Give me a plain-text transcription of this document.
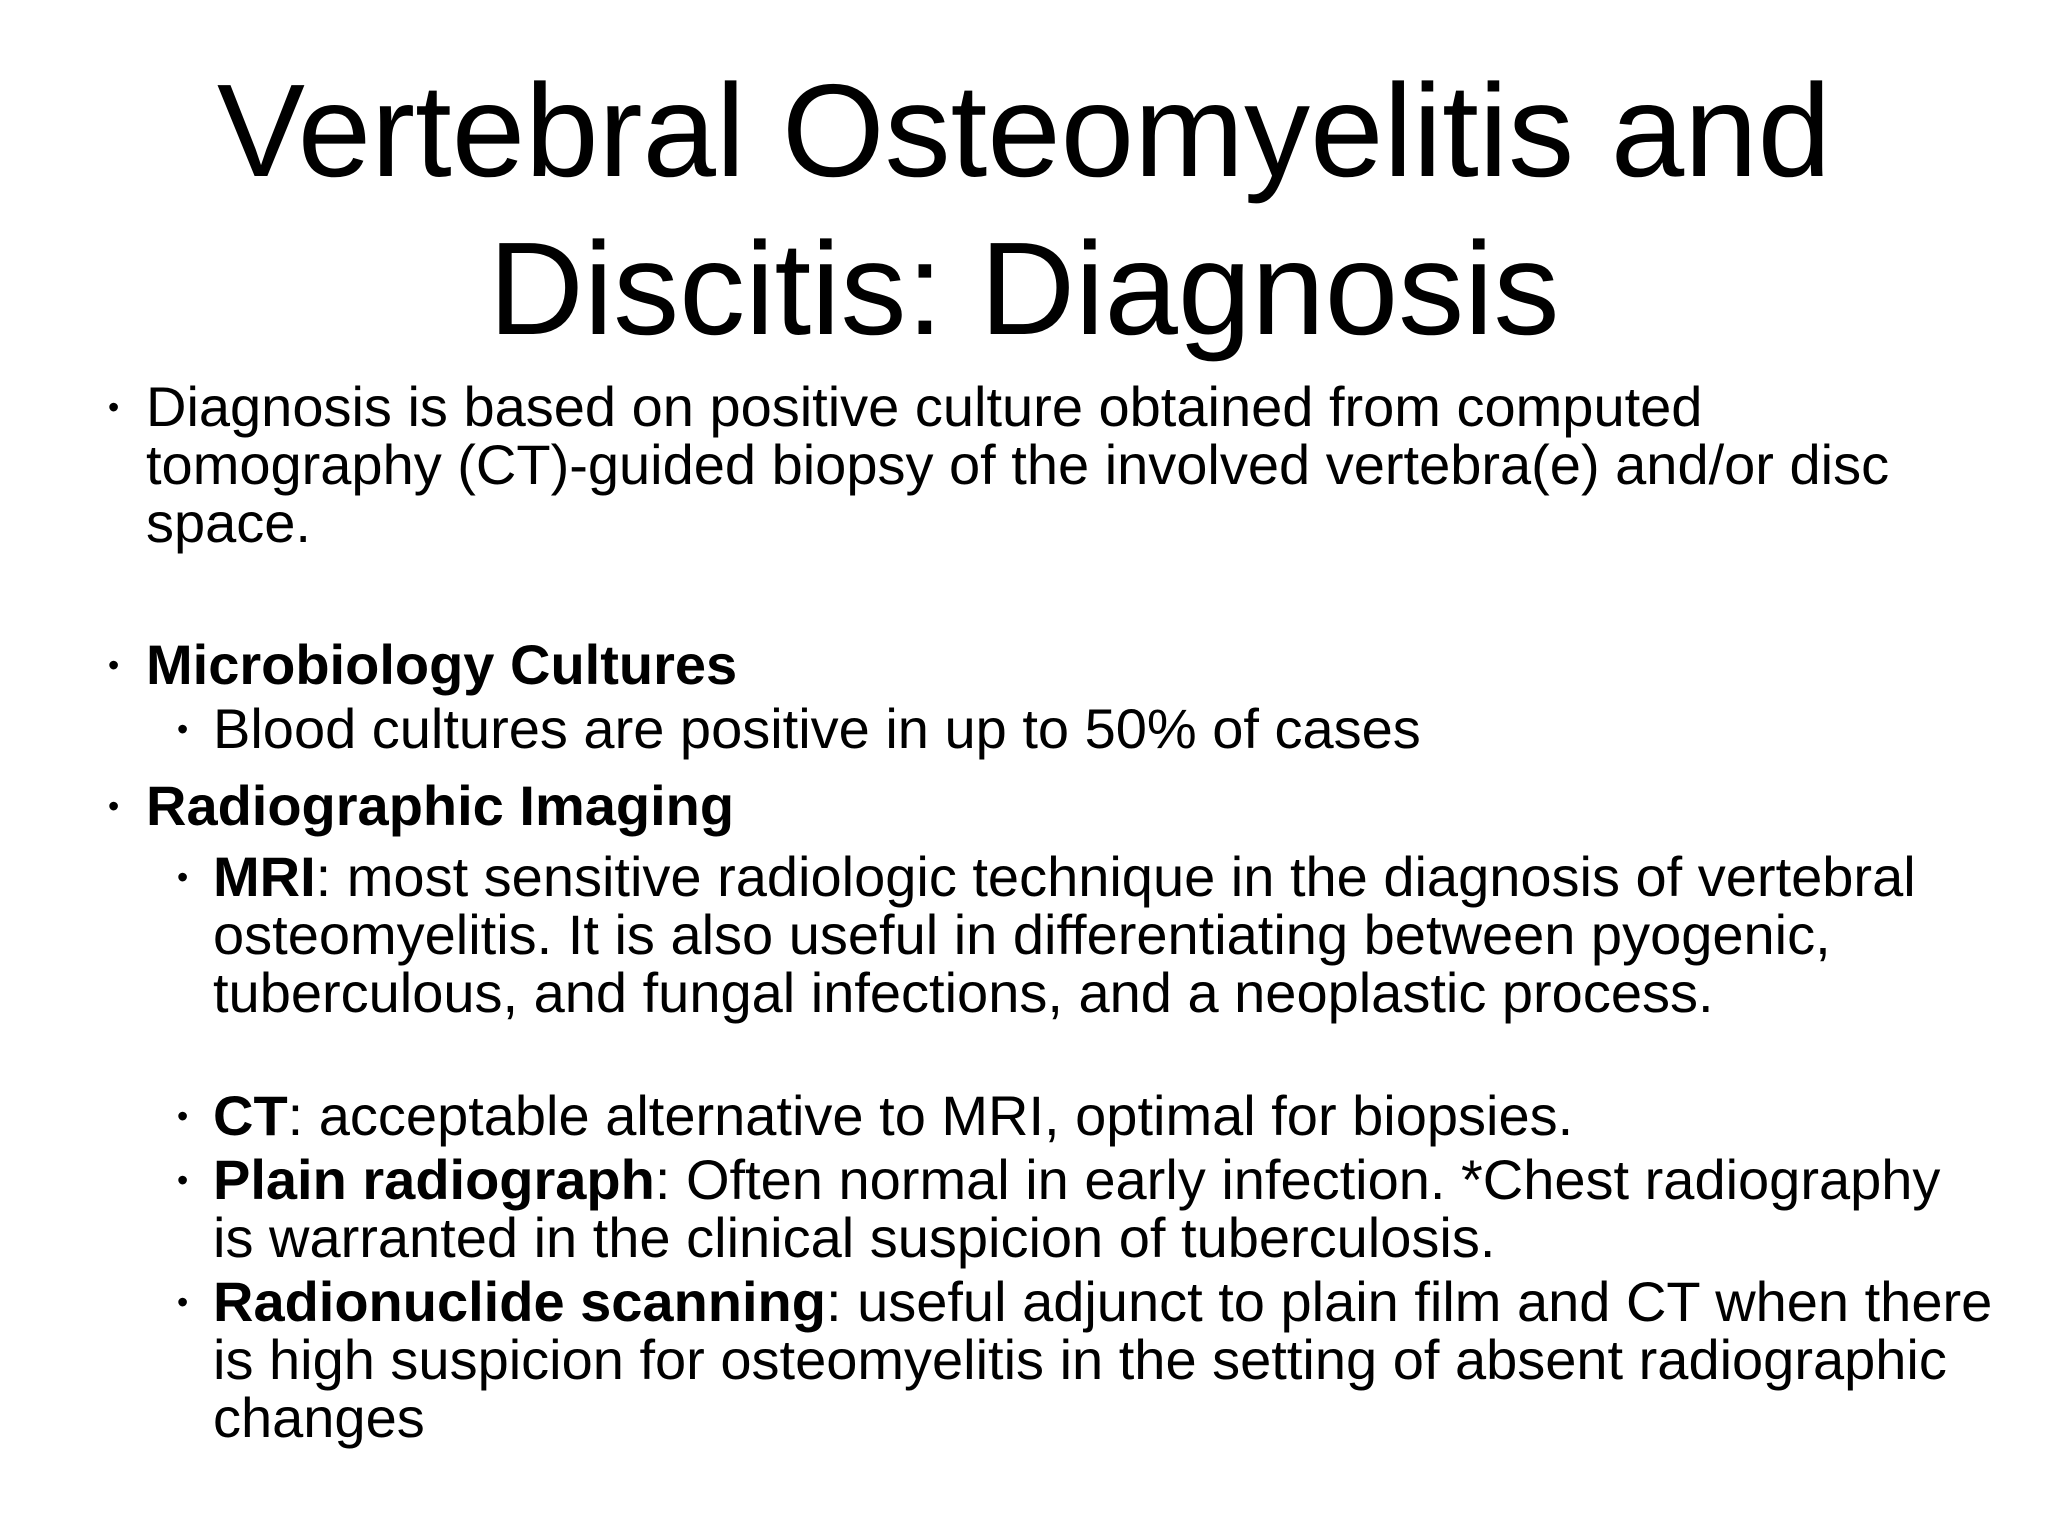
Vertebral Osteomyelitis and
Discitis: Diagnosis

• Diagnosis is based on positive culture obtained from computed tomography (CT)-guided biopsy of the involved vertebra(e) and/or disc space.

• Microbiology Cultures

• Blood cultures are positive in up to 50% of cases

• Radiographic Imaging

• MRI: most sensitive radiologic technique in the diagnosis of vertebral osteomyelitis. It is also useful in differentiating between pyogenic, tuberculous, and fungal infections, and a neoplastic process.

• CT: acceptable alternative to MRI, optimal for biopsies.

• Plain radiograph: Often normal in early infection. *Chest radiography is warranted in the clinical suspicion of tuberculosis.

• Radionuclide scanning: useful adjunct to plain film and CT when there is high suspicion for osteomyelitis in the setting of absent radiographic changes
